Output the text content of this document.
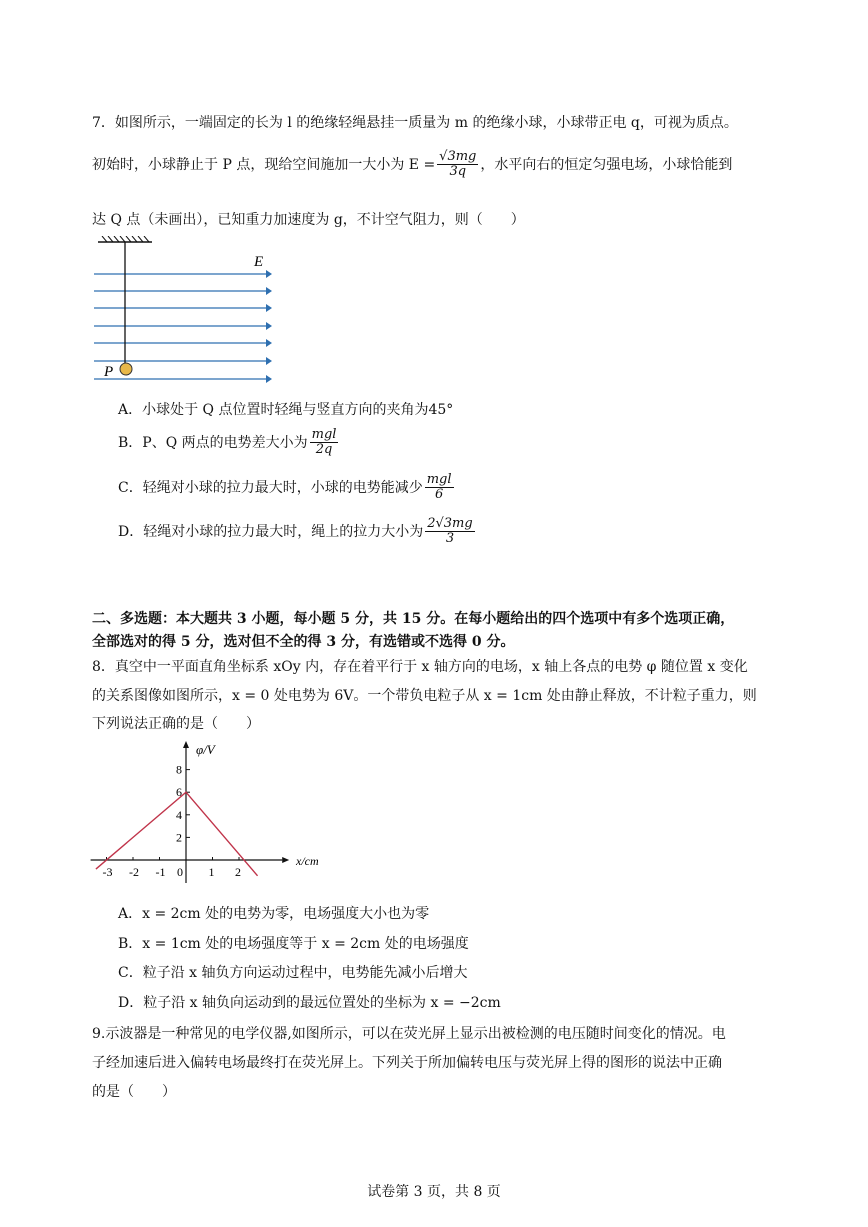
7．如图所示，一端固定的长为 l 的绝缘轻绳悬挂一质量为 m 的绝缘小球，小球带正电 q，可视为质点。
初始时，小球静止于 P 点，现给空间施加一大小为 $E = \frac{√3mg}{3q}$ ，水平向右的恒定匀强电场，小球恰能到
达 Q 点（未画出），已知重力加速度为 g，不计空气阻力，则（　　）
E
P
A．小球处于 Q 点位置时轻绳与竖直方向的夹角为45°
B．P、Q 两点的电势差大小为 $\frac{\text{mgl}}{2q}$
C．轻绳对小球的拉力最大时，小球的电势能减少 $\frac{\text{mgl}}{6}$
D．轻绳对小球的拉力最大时，绳上的拉力大小为 $\frac{2√3mg}{3}$
二、多选题：本大题共 3 小题，每小题 5 分，共 15 分。在每小题给出的四个选项中有多个选项正确，
全部选对的得 5 分，选对但不全的得 3 分，有选错或不选得 0 分。
8．真空中一平面直角坐标系 xOy 内，存在着平行于 x 轴方向的电场，x 轴上各点的电势 φ 随位置 x 变化
的关系图像如图所示，x = 0 处电势为 6V。一个带负电粒子从 x = 1cm 处由静止释放，不计粒子重力，则
下列说法正确的是（　　）
-3 -2 -1 0 1 2
2
4
6
8
φ/V
x/cm
A．x = 2cm 处的电势为零，电场强度大小也为零
B．x = 1cm 处的电场强度等于 x = 2cm 处的电场强度
C．粒子沿 x 轴负方向运动过程中，电势能先减小后增大
D．粒子沿 x 轴负向运动到的最远位置处的坐标为 x = −2cm
9.示波器是一种常见的电学仪器,如图所示，可以在荧光屏上显示出被检测的电压随时间变化的情况。电
子经加速后进入偏转电场最终打在荧光屏上。下列关于所加偏转电压与荧光屏上得的图形的说法中正确
的是（　　）
试卷第 3 页，共 8 页
